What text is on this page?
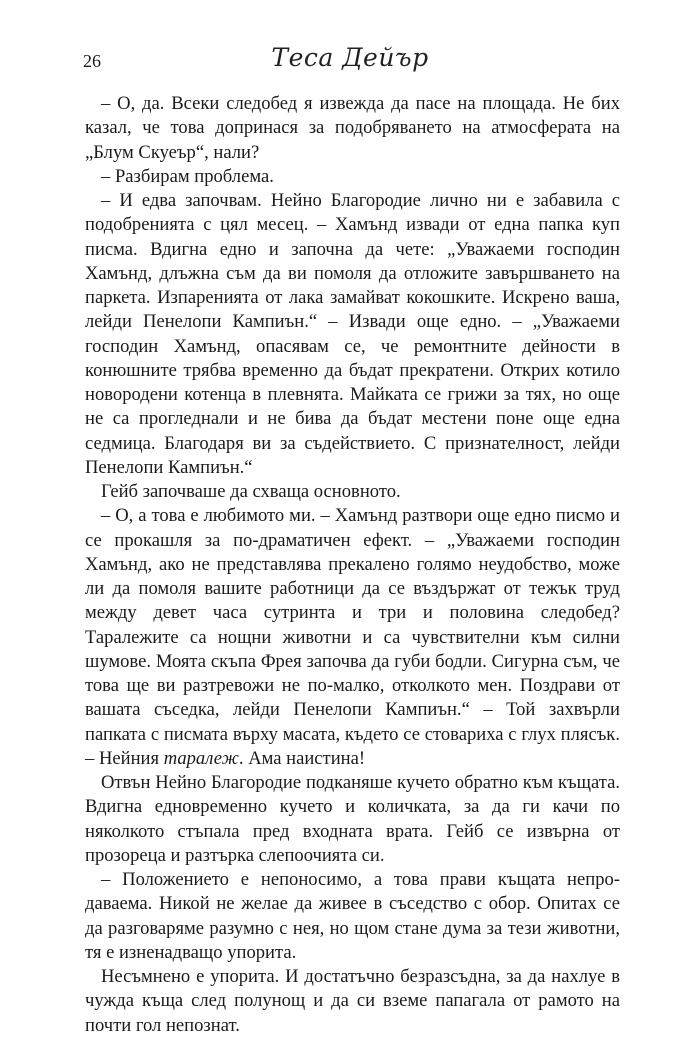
26	Теса Дейър

– О, да. Всеки следобед я извежда да пасе на площада. Не бих казал, че това допринася за подобряването на атмосферата на „Блум Скуеър“, нали?

– Разбирам проблема.

– И едва започвам. Нейно Благородие лично ни е забавила с подобренията с цял месец. – Хамънд извади от една папка куп писма. Вдигна едно и започна да чете: „Уважаеми господин Хамънд, длъжна съм да ви помоля да отложите завършването на паркета. Изпаренията от лака замайват кокошките. Искрено ваша, лейди Пенелопи Кампиън.“ – Извади още едно. – „Уважаеми господин Хамънд, опасявам се, че ремонтните дейности в конюшните трябва временно да бъдат прекратени. Открих котило новородени котенца в плевнята. Майката се грижи за тях, но още не са прогледнали и не бива да бъдат местени поне още една седмица. Благодаря ви за съдействието. С признателност, лейди Пенелопи Кампиън.“

Гейб започваше да схваща основното.

– О, а това е любимото ми. – Хамънд разтвори още едно писмо и се прокашля за по-драматичен ефект. – „Уважаеми господин Хамънд, ако не представлява прекалено голямо неудобство, може ли да помоля вашите работници да се въздържат от тежък труд между девет часа сутринта и три и половина следобед? Таралежите са нощни животни и са чувствителни към силни шумове. Моята скъпа Фрея започва да губи бодли. Сигурна съм, че това ще ви разтревожи не по-малко, отколкото мен. Поздрави от вашата съседка, лейди Пенелопи Кампиън.“ – Той захвърли папката с писмата върху масата, където се стовариха с глух плясък. – Нейния таралеж. Ама наистина!

Отвън Нейно Благородие подканяше кучето обратно към къщата. Вдигна едновременно кучето и количката, за да ги качи по няколкото стъпала пред входната врата. Гейб се извърна от прозореца и разтърка слепоочията си.

– Положението е непоносимо, а това прави къщата непродаваема. Никой не желае да живее в съседство с обор. Опитах се да разговаряме разумно с нея, но щом стане дума за тези животни, тя е изненадващо упорита.

Несъмнено е упорита. И достатъчно безразсъдна, за да нахлуе в чужда къща след полунощ и да си вземе папагала от рамото на почти гол непознат.
